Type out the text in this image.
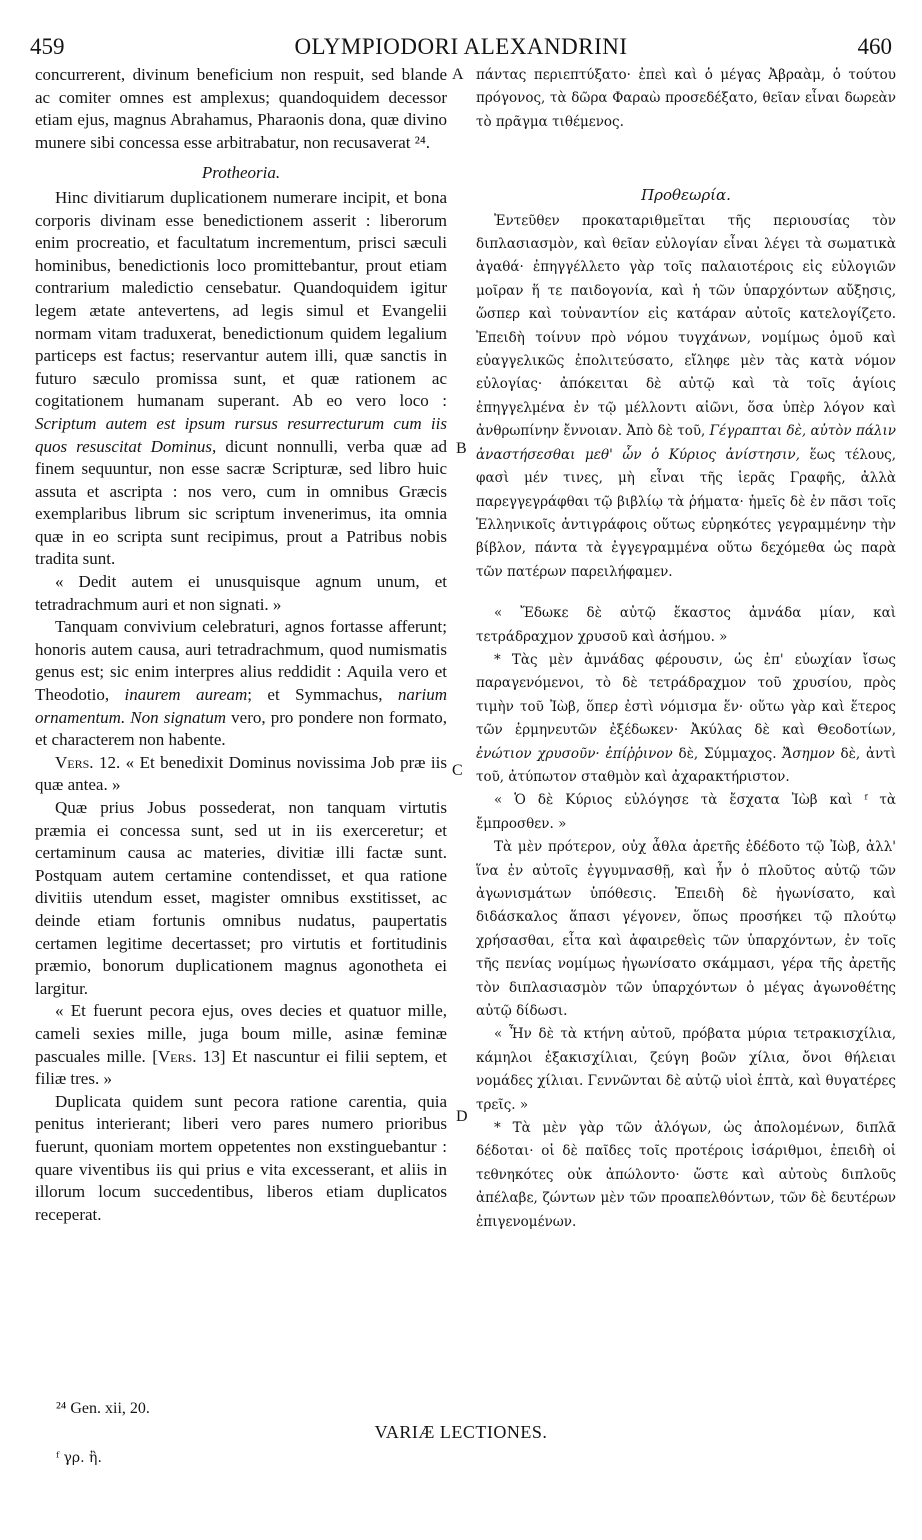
459	OLYMPIODORI ALEXANDRINI	460

concurrerent, divinum beneficium non respuit, sed blande ac comiter omnes est amplexus; quandoquidem decessor etiam ejus, magnus Abrahamus, Pharaonis dona, quæ divino munere sibi concessa esse arbitrabatur, non recusaverat ²⁴.

Protheoria.

Hinc divitiarum duplicationem numerare incipit, et bona corporis divinam esse benedictionem asserit : liberorum enim procreatio, et facultatum incrementum, prisci sæculi hominibus, benedictionis loco promittebantur, prout etiam contrarium maledictio censebatur. Quandoquidem igitur legem ætate antevertens, ad legis simul et Evangelii normam vitam traduxerat, benedictionum quidem legalium particeps est factus; reservantur autem illi, quæ sanctis in futuro sæculo promissa sunt, et quæ rationem ac cogitationem humanam superant. Ab eo vero loco : Scriptum autem est ipsum rursus resurrecturum cum iis quos resuscitat Dominus, dicunt nonnulli, verba quæ ad finem sequuntur, non esse sacræ Scripturæ, sed libro huic assuta et ascripta : nos vero, cum in omnibus Græcis exemplaribus librum sic scriptum invenerimus, ita omnia quæ in eo scripta sunt recipimus, prout a Patribus nobis tradita sunt.

« Dedit autem ei unusquisque agnum unum, et tetradrachmum auri et non signati. »

Tanquam convivium celebraturi, agnos fortasse afferunt; honoris autem causa, auri tetradrachmum, quod numismatis genus est; sic enim interpres alius reddidit : Aquila vero et Theodotio, inaurem auream; et Symmachus, narium ornamentum. Non signatum vero, pro pondere non formato, et characterem non habente.

Vers. 12. « Et benedixit Dominus novissima Job præ iis quæ antea. »

Quæ prius Jobus possederat, non tanquam virtutis præmia ei concessa sunt, sed ut in iis exerceretur; et certaminum causa ac materies, divitiæ illi factæ sunt. Postquam autem certamine contendisset, et qua ratione divitiis utendum esset, magister omnibus exstitisset, ac deinde etiam fortunis omnibus nudatus, paupertatis certamen legitime decertasset; pro virtutis et fortitudinis præmio, bonorum duplicationem magnus agonotheta ei largitur.

« Et fuerunt pecora ejus, oves decies et quatuor mille, cameli sexies mille, juga boum mille, asinæ feminæ pascuales mille. [Vers. 13] Et nascuntur ei filii septem, et filiæ tres. »

Duplicata quidem sunt pecora ratione carentia, quia penitus interierant; liberi vero pares numero prioribus fuerunt, quoniam mortem oppetentes non exstinguebantur : quare viventibus iis qui prius e vita excesserant, et aliis in illorum locum succedentibus, liberos etiam duplicatos receperat.

πάντας περιεπτύξατο· ἐπεὶ καὶ ὁ μέγας Ἀβραὰμ, ὁ τούτου πρόγονος, τὰ δῶρα Φαραὼ προσεδέξατο, θεῖαν εἶναι δωρεὰν τὸ πρᾶγμα τιθέμενος.

Προθεωρία.

Ἐντεῦθεν προκαταριθμεῖται τῆς περιουσίας τὸν διπλασιασμὸν, καὶ θεῖαν εὐλογίαν εἶναι λέγει τὰ σωματικὰ ἀγαθά· ἐπηγγέλλετο γὰρ τοῖς παλαιοτέροις εἰς εὐλογιῶν μοῖραν ἥ τε παιδογονία, καὶ ἡ τῶν ὑπαρχόντων αὔξησις, ὥσπερ καὶ τοὐναντίον εἰς κατάραν αὐτοῖς κατελογίζετο. Ἐπειδὴ τοίνυν πρὸ νόμου τυγχάνων, νομίμως ὁμοῦ καὶ εὐαγγελικῶς ἐπολιτεύσατο, εἴληφε μὲν τὰς κατὰ νόμον εὐλογίας· ἀπόκειται δὲ αὐτῷ καὶ τὰ τοῖς ἁγίοις ἐπηγγελμένα ἐν τῷ μέλλοντι αἰῶνι, ὅσα ὑπὲρ λόγον καὶ ἀνθρωπίνην ἔννοιαν. Ἀπὸ δὲ τοῦ, Γέγραπται δὲ, αὐτὸν πάλιν ἀναστήσεσθαι μεθ' ὧν ὁ Κύριος ἀνίστησιν, ἕως τέλους, φασὶ μέν τινες, μὴ εἶναι τῆς ἱερᾶς Γραφῆς, ἀλλὰ παρεγγεγράφθαι τῷ βιβλίῳ τὰ ῥήματα· ἡμεῖς δὲ ἐν πᾶσι τοῖς Ἑλληνικοῖς ἀντιγράφοις οὕτως εὑρηκότες γεγραμμένην τὴν βίβλον, πάντα τὰ ἐγγεγραμμένα οὕτω δεχόμεθα ὡς παρὰ τῶν πατέρων παρειλήφαμεν.

« Ἔδωκε δὲ αὐτῷ ἕκαστος ἀμνάδα μίαν, καὶ τετράδραχμον χρυσοῦ καὶ ἀσήμου. »

* Τὰς μὲν ἀμνάδας φέρουσιν, ὡς ἐπ' εὐωχίαν ἴσως παραγενόμενοι, τὸ δὲ τετράδραχμον τοῦ χρυσίου, πρὸς τιμὴν τοῦ Ἰὼβ, ὅπερ ἐστὶ νόμισμα ἕν· οὕτω γὰρ καὶ ἕτερος τῶν ἑρμηνευτῶν ἐξέδωκεν· Ἀκύλας δὲ καὶ Θεοδοτίων, ἐνώτιον χρυσοῦν· ἐπίῤῥινον δὲ, Σύμμαχος. Ἄσημον δὲ, ἀντὶ τοῦ, ἀτύπωτον σταθμὸν καὶ ἀχαρακτήριστον.

« Ὁ δὲ Κύριος εὐλόγησε τὰ ἔσχατα Ἰὼβ καὶ ᶠ τὰ ἔμπροσθεν. »

Τὰ μὲν πρότερον, οὐχ ἆθλα ἀρετῆς ἐδέδοτο τῷ Ἰὼβ, ἀλλ' ἵνα ἐν αὐτοῖς ἐγγυμνασθῇ, καὶ ἦν ὁ πλοῦτος αὐτῷ τῶν ἀγωνισμάτων ὑπόθεσις. Ἐπειδὴ δὲ ἠγωνίσατο, καὶ διδάσκαλος ἅπασι γέγονεν, ὅπως προσήκει τῷ πλούτῳ χρήσασθαι, εἶτα καὶ ἀφαιρεθεὶς τῶν ὑπαρχόντων, ἐν τοῖς τῆς πενίας νομίμως ἠγωνίσατο σκάμμασι, γέρα τῆς ἀρετῆς τὸν διπλασιασμὸν τῶν ὑπαρχόντων ὁ μέγας ἀγωνοθέτης αὐτῷ δίδωσι.

« Ἦν δὲ τὰ κτήνη αὐτοῦ, πρόβατα μύρια τετρακισχίλια, κάμηλοι ἑξακισχίλιαι, ζεύγη βοῶν χίλια, ὄνοι θήλειαι νομάδες χίλιαι. Γεννῶνται δὲ αὐτῷ υἱοὶ ἑπτὰ, καὶ θυγατέρες τρεῖς. »

* Τὰ μὲν γὰρ τῶν ἀλόγων, ὡς ἀπολομένων, διπλᾶ δέδοται· οἱ δὲ παῖδες τοῖς προτέροις ἰσάριθμοι, ἐπειδὴ οἱ τεθνηκότες οὐκ ἀπώλοντο· ὥστε καὶ αὐτοὺς διπλοῦς ἀπέλαβε, ζώντων μὲν τῶν προαπελθόντων, τῶν δὲ δευτέρων ἐπιγενομένων.

A
B
C
D
²⁴ Gen. xii, 20.
VARIÆ LECTIONES.
ᶠ γρ. ἢ.
